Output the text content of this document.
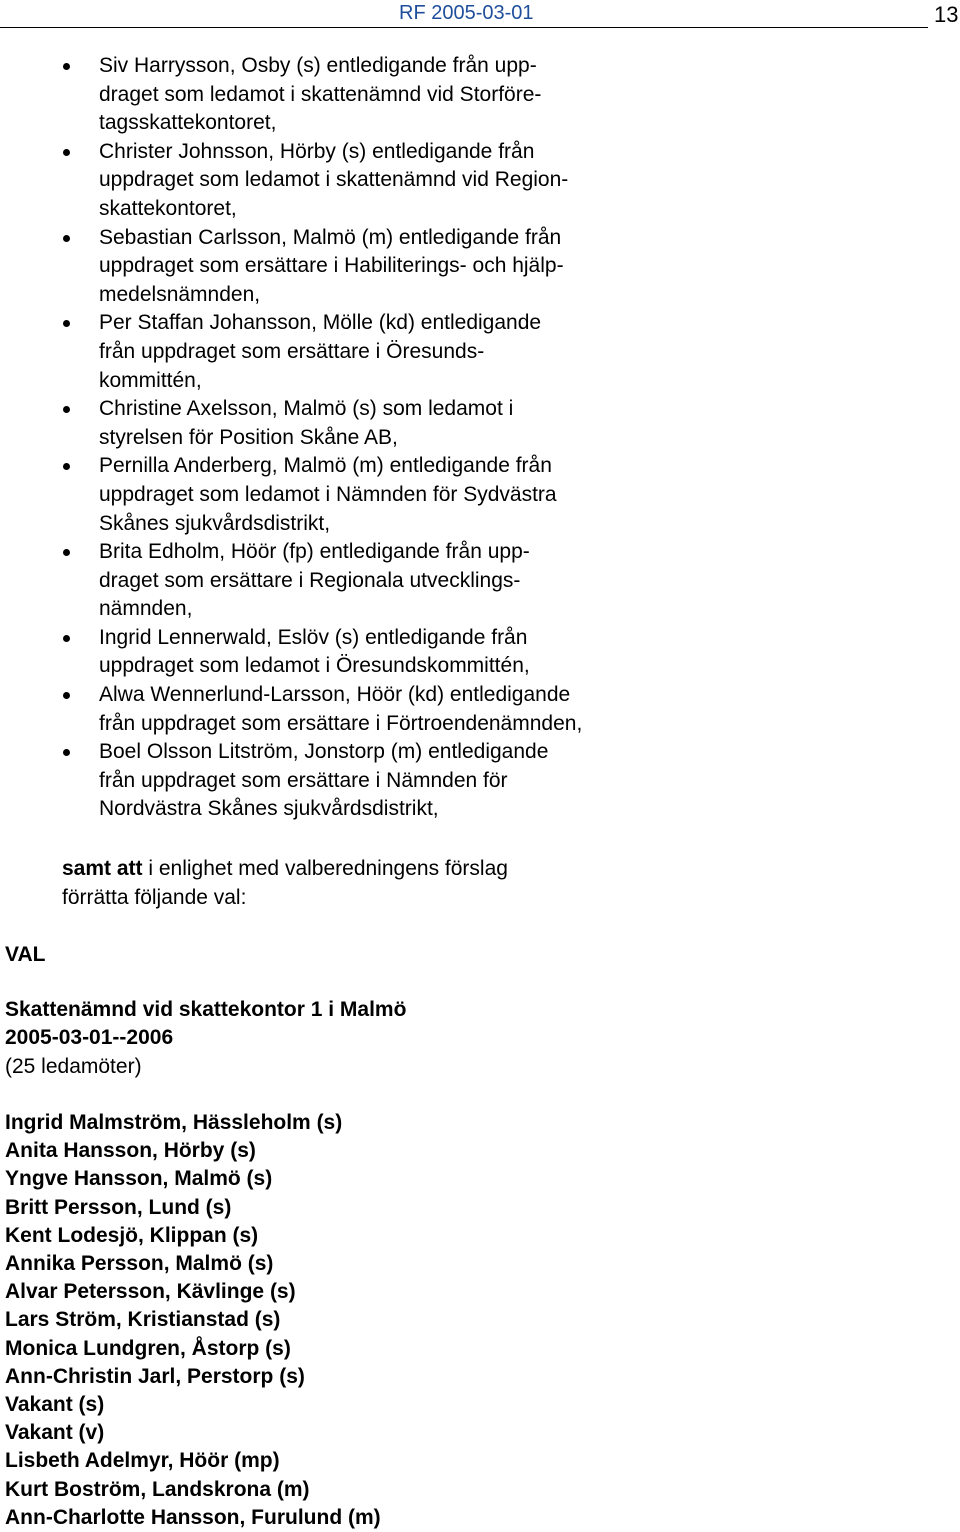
RF 2005-03-01	13
Siv Harrysson, Osby (s) entledigande från upp-
draget som ledamot i skattenämnd vid Storföre-
tagsskattekontoret,
Christer Johnsson, Hörby (s) entledigande från
uppdraget som ledamot i skattenämnd vid Region-
skattekontoret,
Sebastian Carlsson, Malmö (m) entledigande från
uppdraget som ersättare i Habiliterings- och hjälp-
medelsnämnden,
Per Staffan Johansson, Mölle (kd) entledigande
från uppdraget som ersättare i Öresunds-
kommittén,
Christine Axelsson, Malmö (s) som ledamot i
styrelsen för Position Skåne AB,
Pernilla Anderberg, Malmö (m) entledigande från
uppdraget som ledamot i Nämnden för Sydvästra
Skånes sjukvårdsdistrikt,
Brita Edholm, Höör (fp) entledigande från upp-
draget som ersättare i Regionala utvecklings-
nämnden,
Ingrid Lennerwald, Eslöv (s) entledigande från
uppdraget som ledamot i Öresundskommittén,
Alwa Wennerlund-Larsson, Höör (kd) entledigande
från uppdraget som ersättare i Förtroendenämnden,
Boel Olsson Litström, Jonstorp (m) entledigande
från uppdraget som ersättare i Nämnden för
Nordvästra Skånes sjukvårdsdistrikt,
samt att i enlighet med valberedningens förslag
förrätta följande val:
VAL
Skattenämnd vid skattekontor 1 i Malmö
2005-03-01--2006
(25 ledamöter)
Ingrid Malmström, Hässleholm (s)
Anita Hansson, Hörby (s)
Yngve Hansson, Malmö (s)
Britt Persson, Lund (s)
Kent Lodesjö, Klippan (s)
Annika Persson, Malmö (s)
Alvar Petersson, Kävlinge (s)
Lars Ström, Kristianstad (s)
Monica Lundgren, Åstorp (s)
Ann-Christin Jarl, Perstorp (s)
Vakant (s)
Vakant (v)
Lisbeth Adelmyr, Höör (mp)
Kurt Boström, Landskrona (m)
Ann-Charlotte Hansson, Furulund (m)
